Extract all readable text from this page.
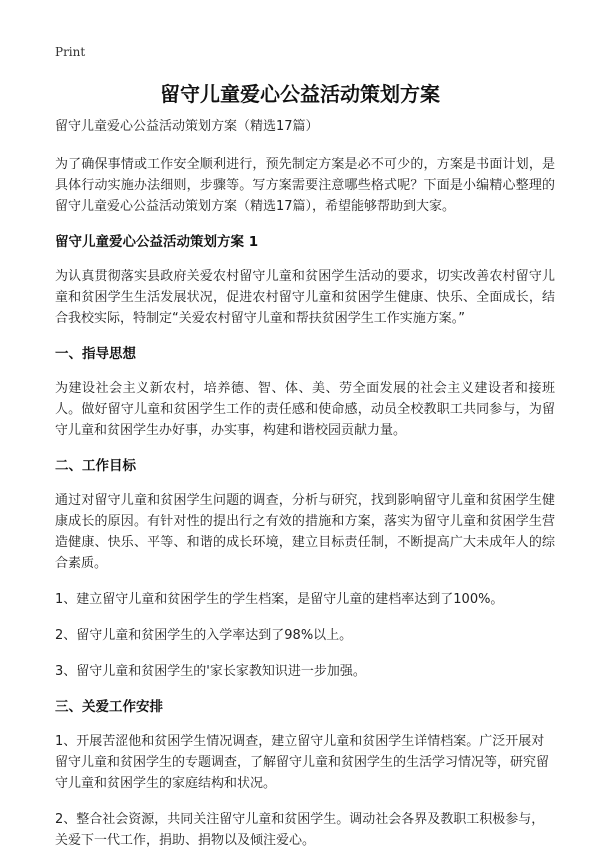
Print
留守儿童爱心公益活动策划方案

留守儿童爱心公益活动策划方案（精选17篇）

为了确保事情或工作安全顺利进行，预先制定方案是必不可少的，方案是书面计划，是具体行动实施办法细则，步骤等。写方案需要注意哪些格式呢？下面是小编精心整理的留守儿童爱心公益活动策划方案（精选17篇），希望能够帮助到大家。

留守儿童爱心公益活动策划方案 1

为认真贯彻落实县政府关爱农村留守儿童和贫困学生活动的要求，切实改善农村留守儿童和贫困学生生活发展状况，促进农村留守儿童和贫困学生健康、快乐、全面成长，结合我校实际，特制定“关爱农村留守儿童和帮扶贫困学生工作实施方案。”

一、指导思想

为建设社会主义新农村，培养德、智、体、美、劳全面发展的社会主义建设者和接班人。做好留守儿童和贫困学生工作的责任感和使命感，动员全校教职工共同参与，为留守儿童和贫困学生办好事，办实事，构建和谐校园贡献力量。

二、工作目标

通过对留守儿童和贫困学生问题的调查，分析与研究，找到影响留守儿童和贫困学生健康成长的原因。有针对性的提出行之有效的措施和方案，落实为留守儿童和贫困学生营造健康、快乐、平等、和谐的成长环境，建立目标责任制，不断提高广大未成年人的综合素质。

1、建立留守儿童和贫困学生的学生档案，是留守儿童的建档率达到了100%。

2、留守儿童和贫困学生的入学率达到了98%以上。

3、留守儿童和贫困学生的'家长家教知识进一步加强。

三、关爱工作安排

1、开展苦涩他和贫困学生情况调查，建立留守儿童和贫困学生详情档案。广泛开展对留守儿童和贫困学生的专题调查，了解留守儿童和贫困学生的生活学习情况等，研究留守儿童和贫困学生的家庭结构和状况。

2、整合社会资源，共同关注留守儿童和贫困学生。调动社会各界及教职工积极参与，关爱下一代工作，捐助、捐物以及倾注爱心。
